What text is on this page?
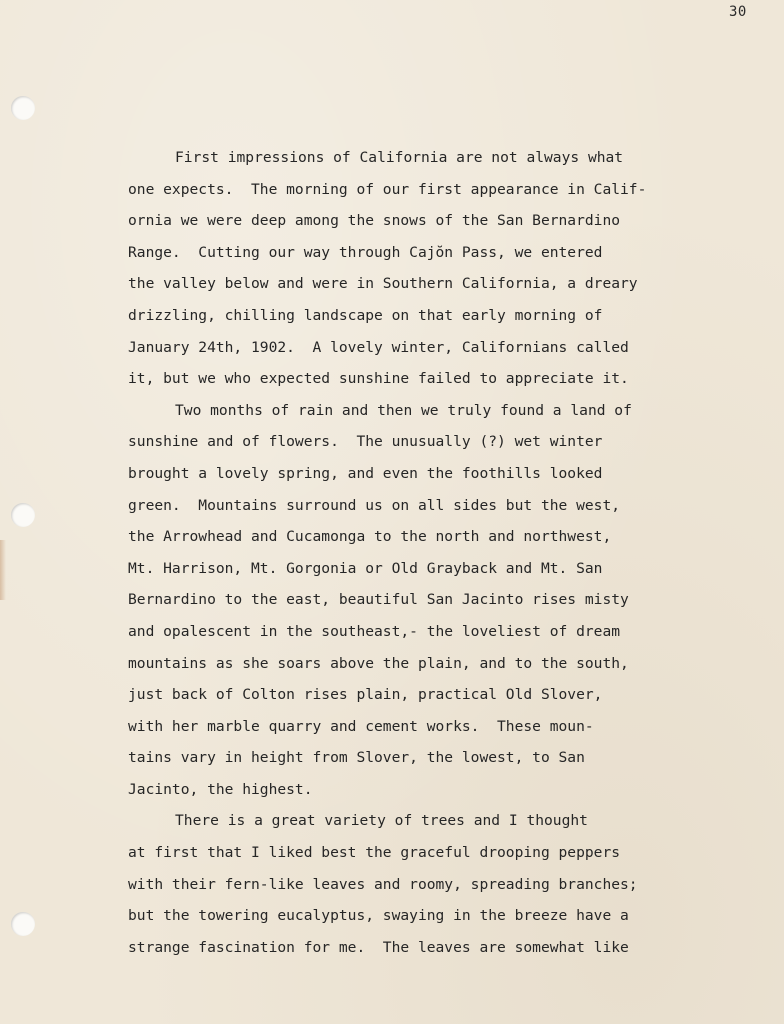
30
First impressions of California are not always what
one expects.  The morning of our first appearance in Calif-
ornia we were deep among the snows of the San Bernardino
Range.  Cutting our way through Cajŏn Pass, we entered
the valley below and were in Southern California, a dreary
drizzling, chilling landscape on that early morning of
January 24th, 1902.  A lovely winter, Californians called
it, but we who expected sunshine failed to appreciate it.
Two months of rain and then we truly found a land of
sunshine and of flowers.  The unusually (?) wet winter
brought a lovely spring, and even the foothills looked
green.  Mountains surround us on all sides but the west,
the Arrowhead and Cucamonga to the north and northwest,
Mt. Harrison, Mt. Gorgonia or Old Grayback and Mt. San
Bernardino to the east, beautiful San Jacinto rises misty
and opalescent in the southeast,- the loveliest of dream
mountains as she soars above the plain, and to the south,
just back of Colton rises plain, practical Old Slover,
with her marble quarry and cement works.  These moun-
tains vary in height from Slover, the lowest, to San
Jacinto, the highest.
There is a great variety of trees and I thought
at first that I liked best the graceful drooping peppers
with their fern-like leaves and roomy, spreading branches;
but the towering eucalyptus, swaying in the breeze have a
strange fascination for me.  The leaves are somewhat like
